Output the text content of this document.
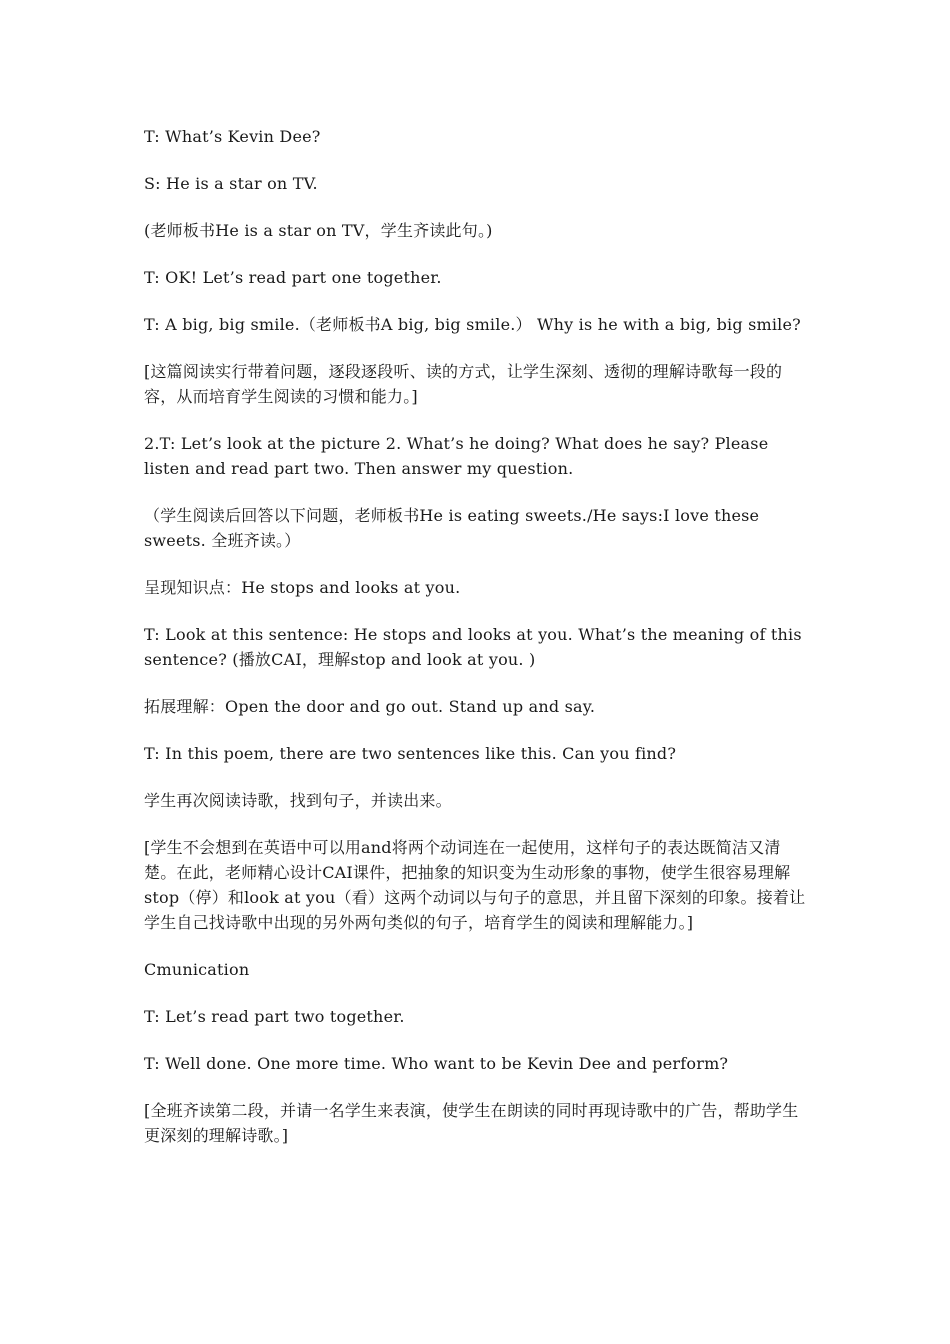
T: What’s Kevin Dee?

S: He is a star on TV.

(老师板书He is a star on TV，学生齐读此句。)

T: OK! Let’s read part one together.

T: A big, big smile.（老师板书A big, big smile.） Why is he with a big, big smile?

[这篇阅读实行带着问题，逐段逐段听、读的方式，让学生深刻、透彻的理解诗歌每一段的容，从而培育学生阅读的习惯和能力。]

2.T: Let’s look at the picture 2. What’s he doing? What does he say? Please listen and read part two. Then answer my question.

（学生阅读后回答以下问题，老师板书He is eating sweets./He says:I love these sweets. 全班齐读。）

呈现知识点：He stops and looks at you.

T: Look at this sentence: He stops and looks at you. What’s the meaning of this sentence? (播放CAI，理解stop and look at you. )

拓展理解：Open the door and go out. Stand up and say.

T: In this poem, there are two sentences like this. Can you find?

学生再次阅读诗歌，找到句子，并读出来。

[学生不会想到在英语中可以用and将两个动词连在一起使用，这样句子的表达既简洁又清楚。在此，老师精心设计CAI课件，把抽象的知识变为生动形象的事物，使学生很容易理解stop（停）和look at you（看）这两个动词以与句子的意思，并且留下深刻的印象。接着让学生自己找诗歌中出现的另外两句类似的句子，培育学生的阅读和理解能力。]

Cmunication

T: Let’s read part two together.

T: Well done. One more time. Who want to be Kevin Dee and perform?

[全班齐读第二段，并请一名学生来表演，使学生在朗读的同时再现诗歌中的广告，帮助学生更深刻的理解诗歌。]
